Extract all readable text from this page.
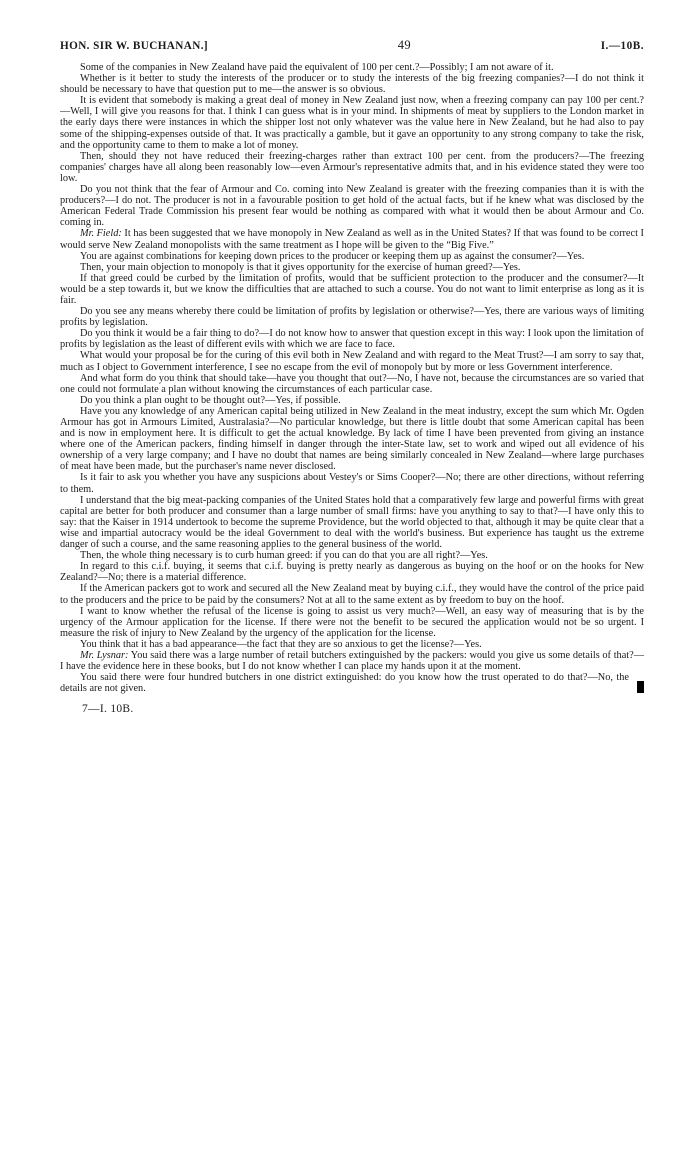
HON. SIR W. BUCHANAN.]	49	I.—10B.

Some of the companies in New Zealand have paid the equivalent of 100 per cent.?—Possibly; I am not aware of it.

Whether is it better to study the interests of the producer or to study the interests of the big freezing companies?—I do not think it should be necessary to have that question put to me—the answer is so obvious.

It is evident that somebody is making a great deal of money in New Zealand just now, when a freezing company can pay 100 per cent.?—Well, I will give you reasons for that. I think I can guess what is in your mind. In shipments of meat by suppliers to the London market in the early days there were instances in which the shipper lost not only whatever was the value here in New Zealand, but he had also to pay some of the shipping-expenses outside of that. It was practically a gamble, but it gave an opportunity to any strong company to take the risk, and the opportunity came to them to make a lot of money.

Then, should they not have reduced their freezing-charges rather than extract 100 per cent. from the producers?—The freezing companies' charges have all along been reasonably low—even Armour's representative admits that, and in his evidence stated they were too low.

Do you not think that the fear of Armour and Co. coming into New Zealand is greater with the freezing companies than it is with the producers?—I do not. The producer is not in a favourable position to get hold of the actual facts, but if he knew what was disclosed by the American Federal Trade Commission his present fear would be nothing as compared with what it would then be about Armour and Co. coming in.

Mr. Field: It has been suggested that we have monopoly in New Zealand as well as in the United States? If that was found to be correct I would serve New Zealand monopolists with the same treatment as I hope will be given to the “Big Five.”

You are against combinations for keeping down prices to the producer or keeping them up as against the consumer?—Yes.

Then, your main objection to monopoly is that it gives opportunity for the exercise of human greed?—Yes.

If that greed could be curbed by the limitation of profits, would that be sufficient protection to the producer and the consumer?—It would be a step towards it, but we know the difficulties that are attached to such a course. You do not want to limit enterprise as long as it is fair.

Do you see any means whereby there could be limitation of profits by legislation or otherwise?—Yes, there are various ways of limiting profits by legislation.

Do you think it would be a fair thing to do?—I do not know how to answer that question except in this way: I look upon the limitation of profits by legislation as the least of different evils with which we are face to face.

What would your proposal be for the curing of this evil both in New Zealand and with regard to the Meat Trust?—I am sorry to say that, much as I object to Government interference, I see no escape from the evil of monopoly but by more or less Government interference.

And what form do you think that should take—have you thought that out?—No, I have not, because the circumstances are so varied that one could not formulate a plan without knowing the circumstances of each particular case.

Do you think a plan ought to be thought out?—Yes, if possible.

Have you any knowledge of any American capital being utilized in New Zealand in the meat industry, except the sum which Mr. Ogden Armour has got in Armours Limited, Australasia?—No particular knowledge, but there is little doubt that some American capital has been and is now in employment here. It is difficult to get the actual knowledge. By lack of time I have been prevented from giving an instance where one of the American packers, finding himself in danger through the inter-State law, set to work and wiped out all evidence of his ownership of a very large company; and I have no doubt that names are being similarly concealed in New Zealand—where large purchases of meat have been made, but the purchaser's name never disclosed.

Is it fair to ask you whether you have any suspicions about Vestey's or Sims Cooper?—No; there are other directions, without referring to them.

I understand that the big meat-packing companies of the United States hold that a comparatively few large and powerful firms with great capital are better for both producer and consumer than a large number of small firms: have you anything to say to that?—I have only this to say: that the Kaiser in 1914 undertook to become the supreme Providence, but the world objected to that, although it may be quite clear that a wise and impartial autocracy would be the ideal Government to deal with the world's business. But experience has taught us the extreme danger of such a course, and the same reasoning applies to the general business of the world.

Then, the whole thing necessary is to curb human greed: if you can do that you are all right?—Yes.

In regard to this c.i.f. buying, it seems that c.i.f. buying is pretty nearly as dangerous as buying on the hoof or on the hooks for New Zealand?—No; there is a material difference.

If the American packers got to work and secured all the New Zealand meat by buying c.i.f., they would have the control of the price paid to the producers and the price to be paid by the consumers? Not at all to the same extent as by freedom to buy on the hoof.

I want to know whether the refusal of the license is going to assist us very much?—Well, an easy way of measuring that is by the urgency of the Armour application for the license. If there were not the benefit to be secured the application would not be so urgent. I measure the risk of injury to New Zealand by the urgency of the application for the license.

You think that it has a bad appearance—the fact that they are so anxious to get the license?—Yes.

Mr. Lysnar: You said there was a large number of retail butchers extinguished by the packers: would you give us some details of that?—I have the evidence here in these books, but I do not know whether I can place my hands upon it at the moment.

You said there were four hundred butchers in one district extinguished: do you know how the trust operated to do that?—No, the details are not given.

7—I. 10B.
